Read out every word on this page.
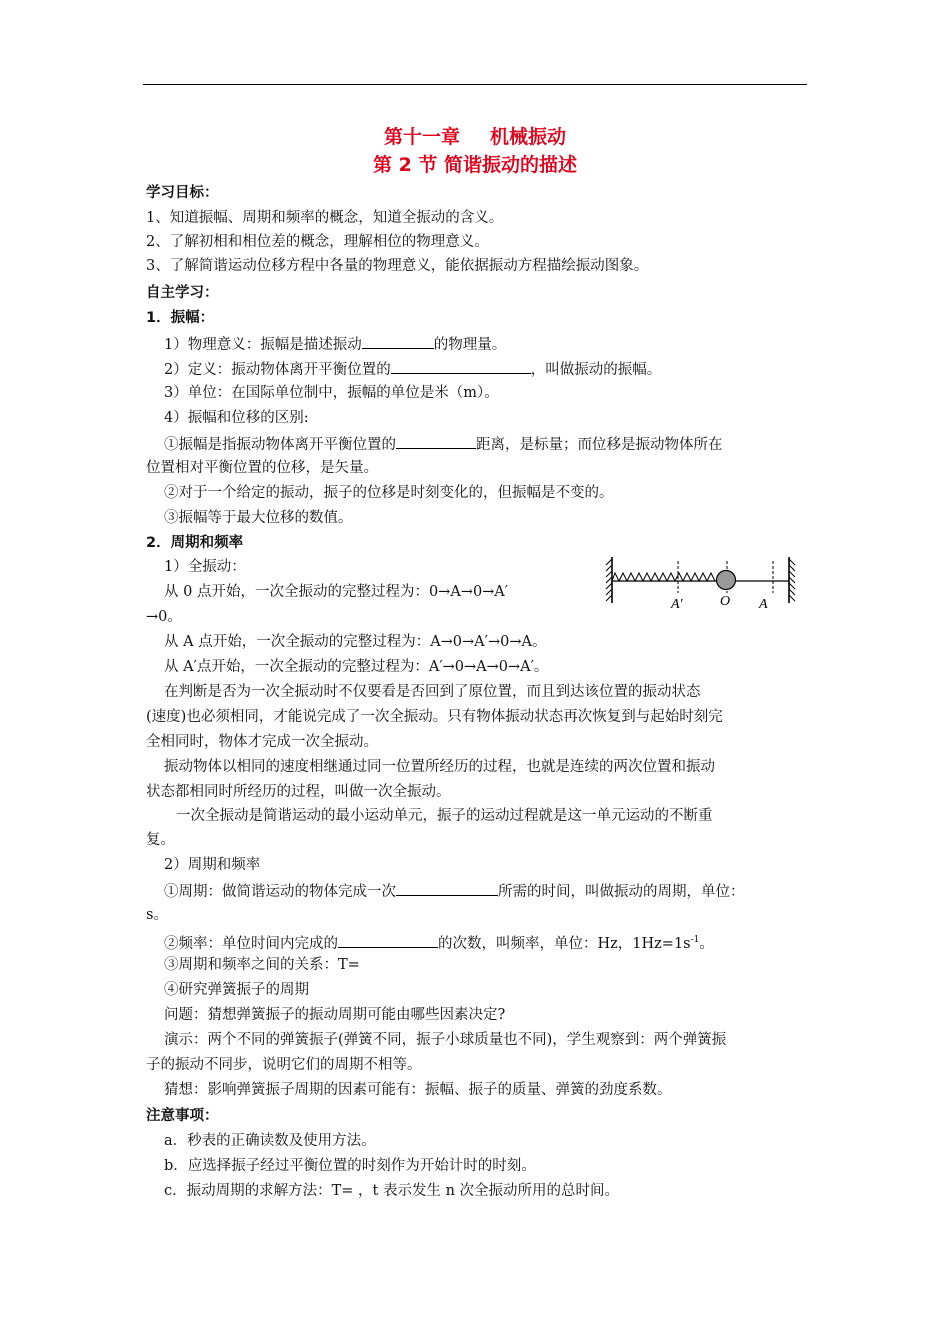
第十一章 机械振动
第 2 节 简谐振动的描述
学习目标：
1、知道振幅、周期和频率的概念，知道全振动的含义。
2、了解初相和相位差的概念，理解相位的物理意义。
3、了解简谐运动位移方程中各量的物理意义，能依据振动方程描绘振动图象。
自主学习：
1．振幅：
1）物理意义：振幅是描述振动	的物理量。
2）定义：振动物体离开平衡位置的	，叫做振动的振幅。
3）单位：在国际单位制中，振幅的单位是米（m）。
4）振幅和位移的区别:
①振幅是指振动物体离开平衡位置的	距离，是标量；而位移是振动物体所在
位置相对平衡位置的位移，是矢量。
②对于一个给定的振动，振子的位移是时刻变化的，但振幅是不变的。
③振幅等于最大位移的数值。
2．周期和频率
1）全振动：
从 0 点开始，一次全振动的完整过程为：0→A→0→A′
→0。
从 A 点开始，一次全振动的完整过程为：A→0→A′→0→A。
从 A′点开始，一次全振动的完整过程为：A′→0→A→0→A′。
在判断是否为一次全振动时不仅要看是否回到了原位置，而且到达该位置的振动状态
(速度)也必须相同，才能说完成了一次全振动。只有物体振动状态再次恢复到与起始时刻完
全相同时，物体才完成一次全振动。
振动物体以相同的速度相继通过同一位置所经历的过程，也就是连续的两次位置和振动
状态都相同时所经历的过程，叫做一次全振动。
一次全振动是简谐运动的最小运动单元，振子的运动过程就是这一单元运动的不断重
复。
2）周期和频率
①周期：做简谐运动的物体完成一次	所需的时间，叫做振动的周期，单位：
s。
②频率：单位时间内完成的	的次数，叫频率，单位：Hz，$1Hz=1s^{-1}$。
③周期和频率之间的关系：T=
④研究弹簧振子的周期
问题：猜想弹簧振子的振动周期可能由哪些因素决定?
演示：两个不同的弹簧振子(弹簧不同，振子小球质量也不同)，学生观察到：两个弹簧振
子的振动不同步，说明它们的周期不相等。
猜想：影响弹簧振子周期的因素可能有：振幅、振子的质量、弹簧的劲度系数。
注意事项：
a．秒表的正确读数及使用方法。
b．应选择振子经过平衡位置的时刻作为开始计时的时刻。
c．振动周期的求解方法：T= ，t 表示发生 n 次全振动所用的总时间。
A′	O A
